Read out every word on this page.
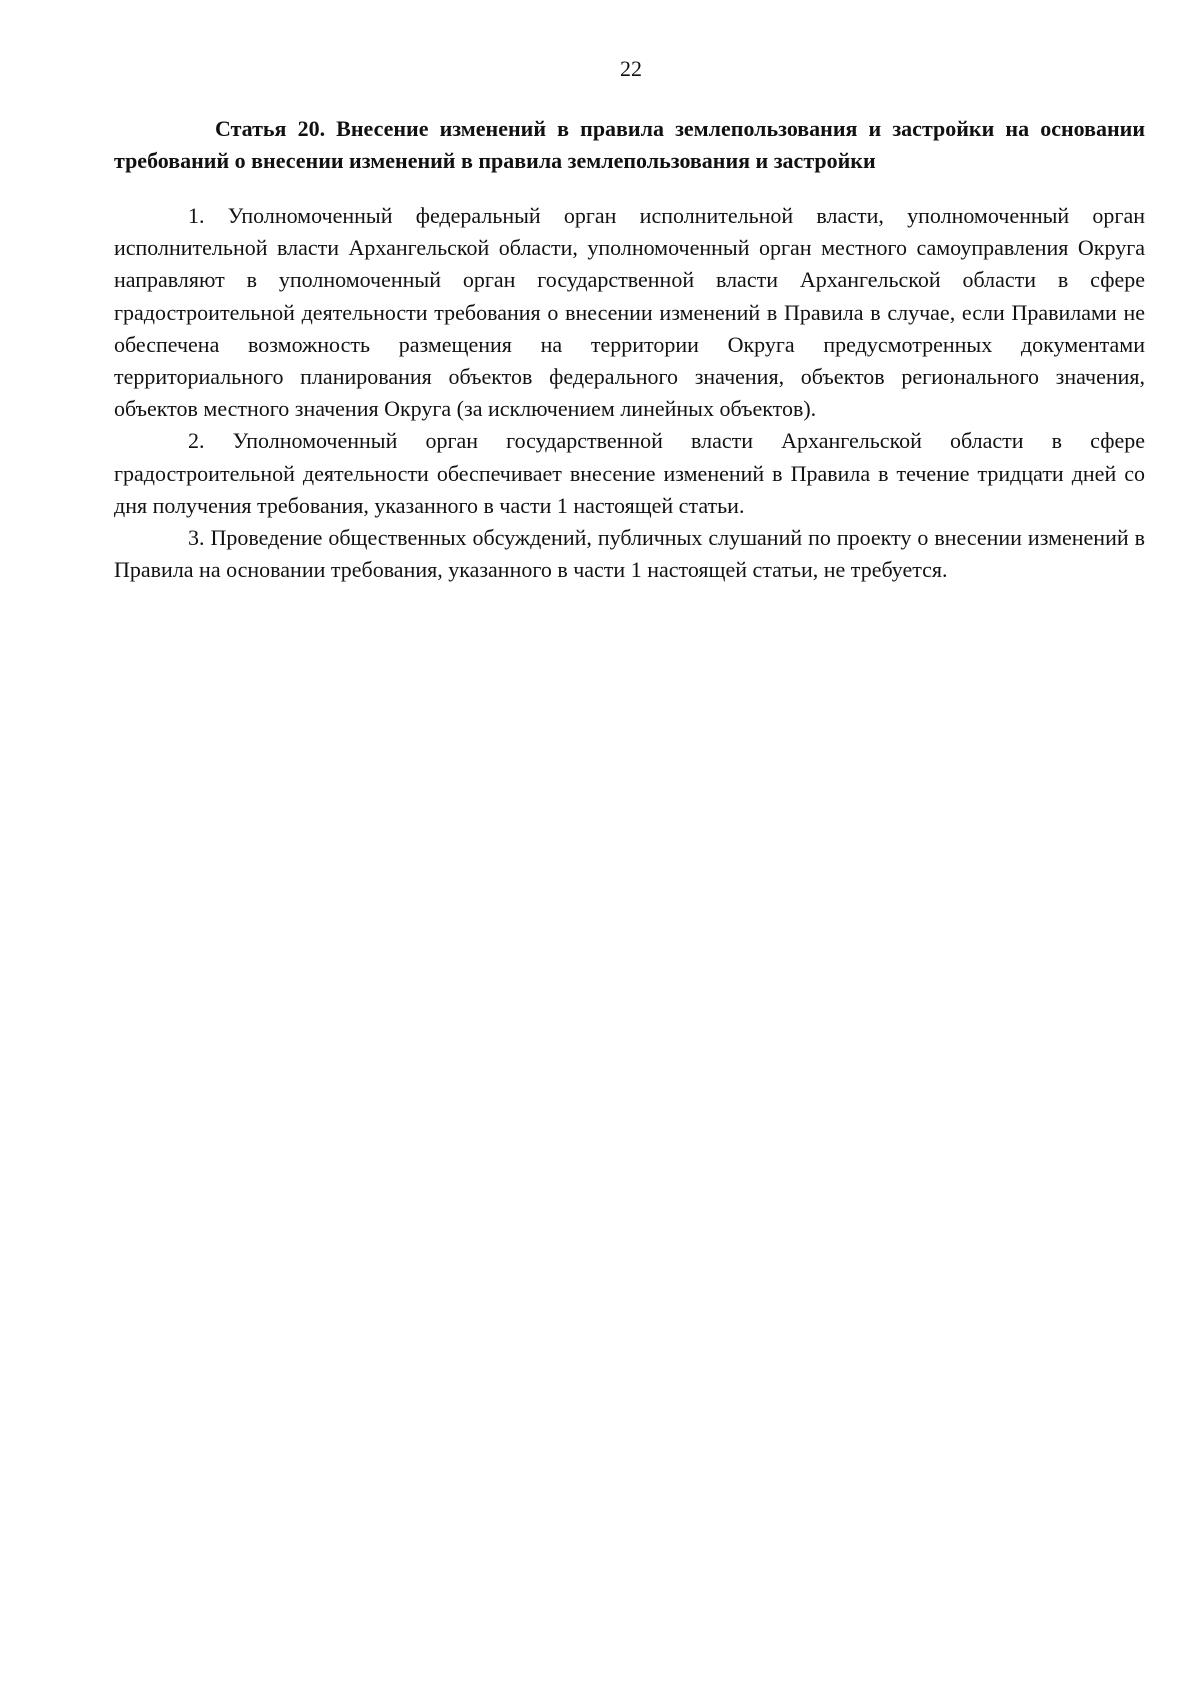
22

Статья 20. Внесение изменений в правила землепользования и застройки на основании требований о внесении изменений в правила землепользования и застройки

1. Уполномоченный федеральный орган исполнительной власти, уполномоченный орган исполнительной власти Архангельской области, уполномоченный орган местного самоуправления Округа направляют в уполномоченный орган государственной власти Архангельской области в сфере градостроительной деятельности требования о внесении изменений в Правила в случае, если Правилами не обеспечена возможность размещения на территории Округа предусмотренных документами территориального планирования объектов федерального значения, объектов регионального значения, объектов местного значения Округа (за исключением линейных объектов).

2. Уполномоченный орган государственной власти Архангельской области в сфере градостроительной деятельности обеспечивает внесение изменений в Правила в течение тридцати дней со дня получения требования, указанного в части 1 настоящей статьи.

3. Проведение общественных обсуждений, публичных слушаний по проекту о внесении изменений в Правила на основании требования, указанного в части 1 настоящей статьи, не требуется.
